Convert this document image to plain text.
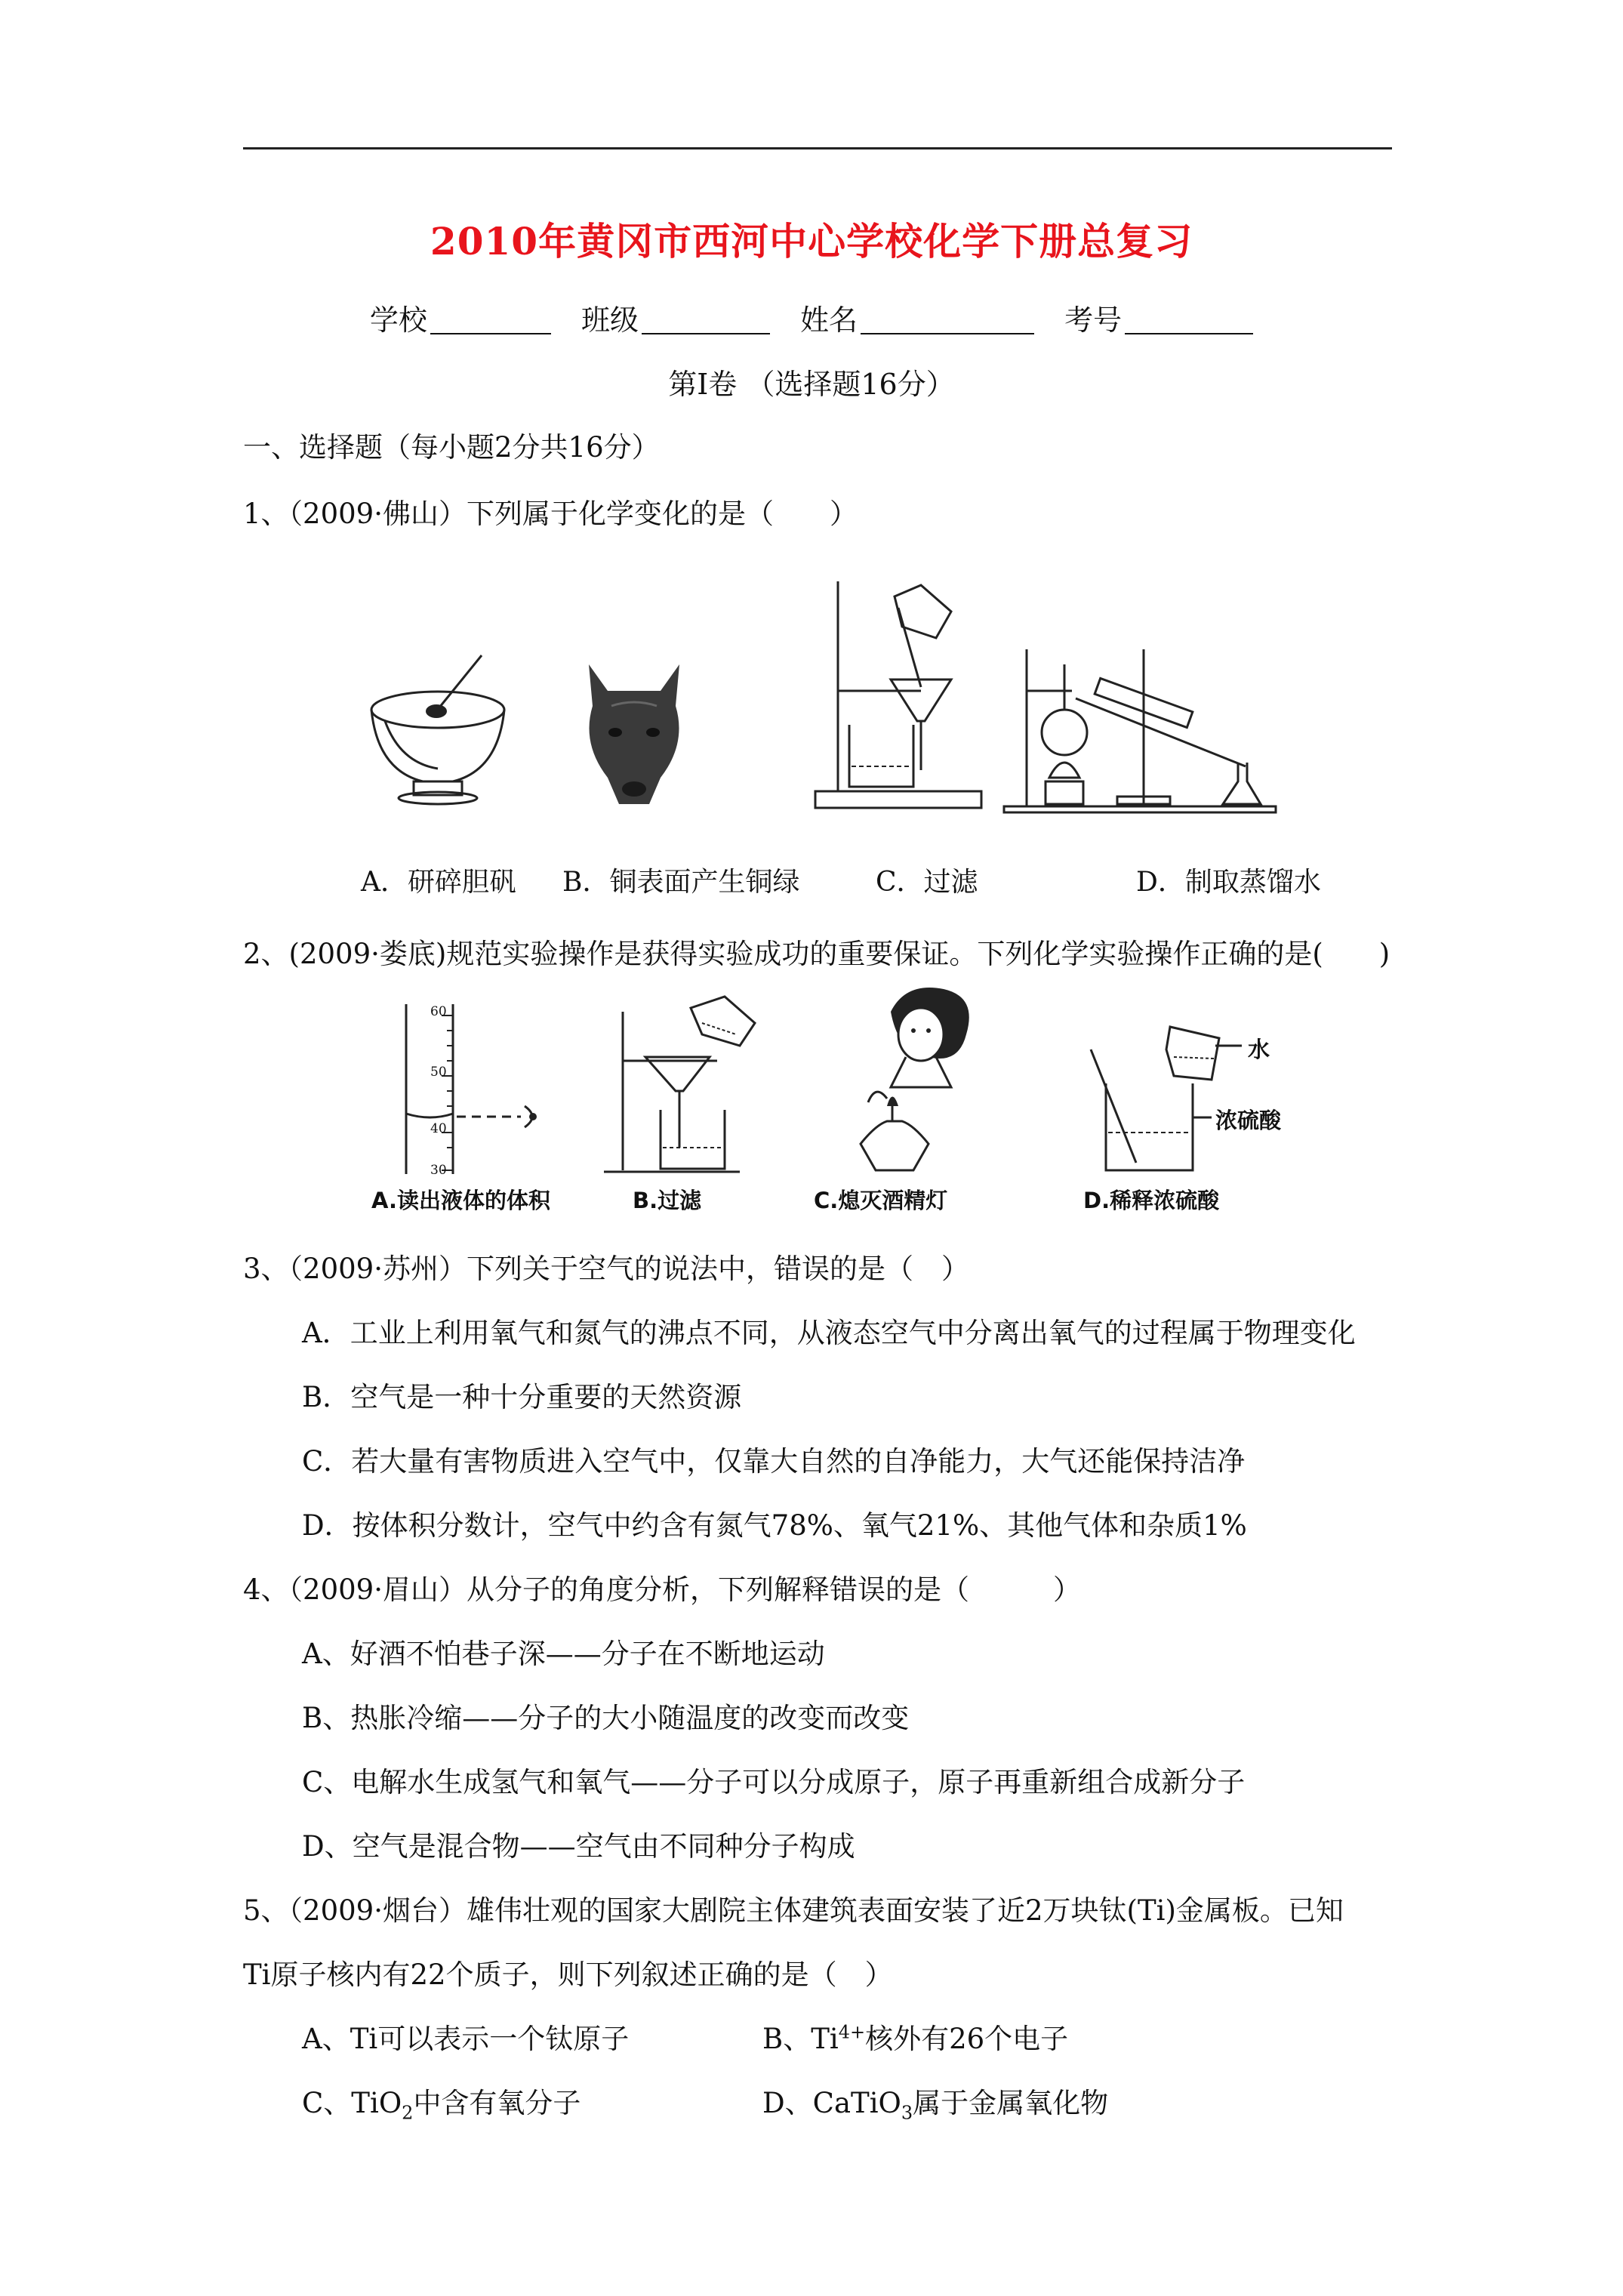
2010年黄冈市西河中心学校化学下册总复习
学校	班级	姓名	考号
第Ⅰ卷 （选择题16分）
一、选择题（每小题2分共16分）
1、（2009·佛山）下列属于化学变化的是（　　）
A．研碎胆矾 B．铜表面产生铜绿	C．过滤	D．制取蒸馏水
2、(2009·娄底)规范实验操作是获得实验成功的重要保证。下列化学实验操作正确的是(　　)
60
50
40
30
水
浓硫酸
A.读出液体的体积	B.过滤	C.熄灭酒精灯	D.稀释浓硫酸
3、（2009·苏州）下列关于空气的说法中，错误的是（　）
A．工业上利用氧气和氮气的沸点不同，从液态空气中分离出氧气的过程属于物理变化
B．空气是一种十分重要的天然资源
C．若大量有害物质进入空气中，仅靠大自然的自净能力，大气还能保持洁净
D．按体积分数计，空气中约含有氮气78%、氧气21%、其他气体和杂质1%
4、（2009·眉山）从分子的角度分析，下列解释错误的是（　　　）
A、好酒不怕巷子深——分子在不断地运动
B、热胀冷缩——分子的大小随温度的改变而改变
C、电解水生成氢气和氧气——分子可以分成原子，原子再重新组合成新分子
D、空气是混合物——空气由不同种分子构成
5、（2009·烟台）雄伟壮观的国家大剧院主体建筑表面安装了近2万块钛(Ti)金属板。已知
Ti原子核内有22个质子，则下列叙述正确的是（　）
A、Ti可以表示一个钛原子	B、$Ti^{4+}$核外有26个电子
C、TiO$_2$中含有氧分子	D、CaTiO$_3$属于金属氧化物
